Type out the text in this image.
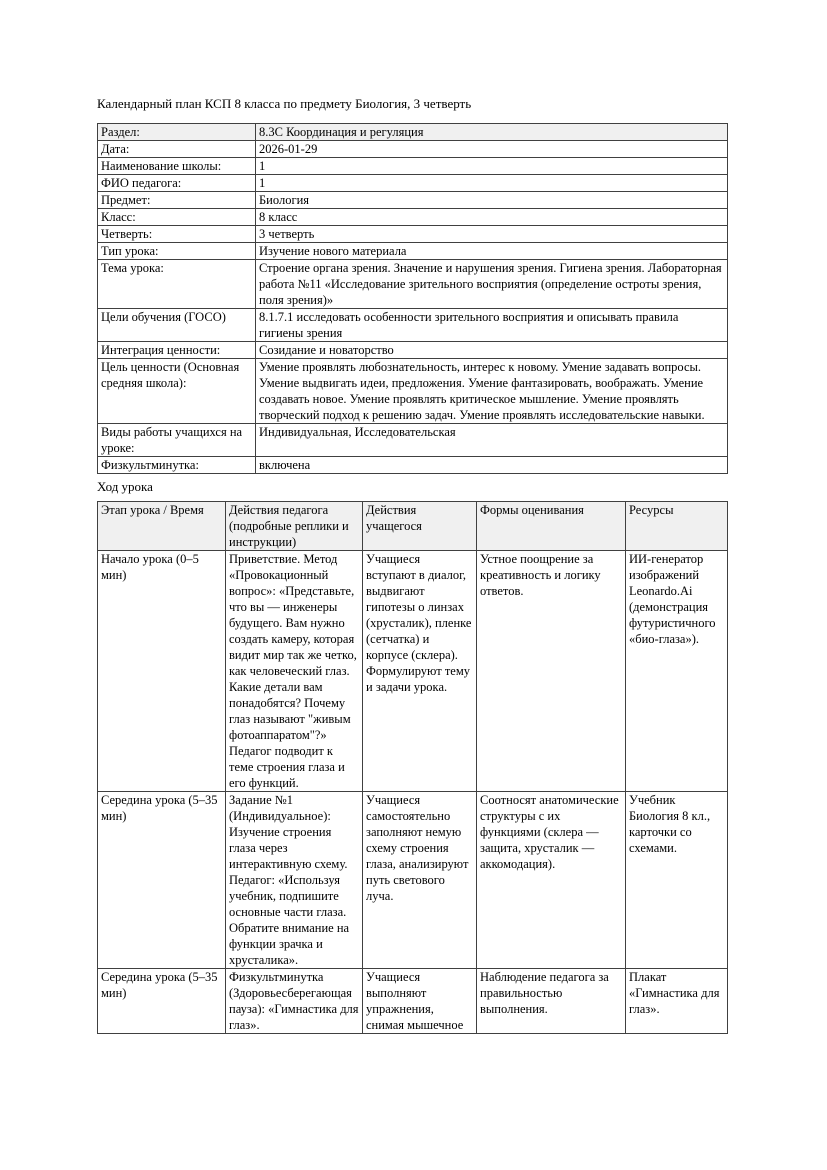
Календарный план КСП 8 класса по предмету Биология, 3 четверть

Раздел:	8.3C Координация и регуляция
Дата:	2026-01-29
Наименование школы:	1
ФИО педагога:	1
Предмет:	Биология
Класс:	8 класс
Четверть:	3 четверть
Тип урока:	Изучение нового материала
Тема урока:	Строение органа зрения. Значение и нарушения зрения. Гигиена зрения. Лабораторная работа №11 «Исследование зрительного восприятия (определение остроты зрения, поля зрения)»
Цели обучения (ГОСО)	8.1.7.1 исследовать особенности зрительного восприятия и описывать правила гигиены зрения
Интеграция ценности:	Созидание и новаторство
Цель ценности (Основная средняя школа):	Умение проявлять любознательность, интерес к новому. Умение задавать вопросы. Умение выдвигать идеи, предложения. Умение фантазировать, воображать. Умение создавать новое. Умение проявлять критическое мышление. Умение проявлять творческий подход к решению задач. Умение проявлять исследовательские навыки.
Виды работы учащихся на уроке:	Индивидуальная, Исследовательская
Физкультминутка:	включена

Ход урока

Этап урока / Время	Действия педагога (подробные реплики и инструкции)	Действия учащегося	Формы оценивания	Ресурсы
Начало урока (0–5 мин)	Приветствие. Метод «Провокационный вопрос»: «Представьте, что вы — инженеры будущего. Вам нужно создать камеру, которая видит мир так же четко, как человеческий глаз. Какие детали вам понадобятся? Почему глаз называют "живым фотоаппаратом"?» Педагог подводит к теме строения глаза и его функций.	Учащиеся вступают в диалог, выдвигают гипотезы о линзах (хрусталик), пленке (сетчатка) и корпусе (склера). Формулируют тему и задачи урока.	Устное поощрение за креативность и логику ответов.	ИИ-генератор изображений Leonardo.Ai (демонстрация футуристичного «био-глаза»).
Середина урока (5–35 мин)	Задание №1 (Индивидуальное): Изучение строения глаза через интерактивную схему. Педагог: «Используя учебник, подпишите основные части глаза. Обратите внимание на функции зрачка и хрусталика».	Учащиеся самостоятельно заполняют немую схему строения глаза, анализируют путь светового луча.	Соотносят анатомические структуры с их функциями (склера — защита, хрусталик — аккомодация).	Учебник Биология 8 кл., карточки со схемами.
Середина урока (5–35 мин)	Физкультминутка (Здоровьесберегающая пауза): «Гимнастика для глаз».	Учащиеся выполняют упражнения, снимая мышечное	Наблюдение педагога за правильностью выполнения.	Плакат «Гимнастика для глаз».
